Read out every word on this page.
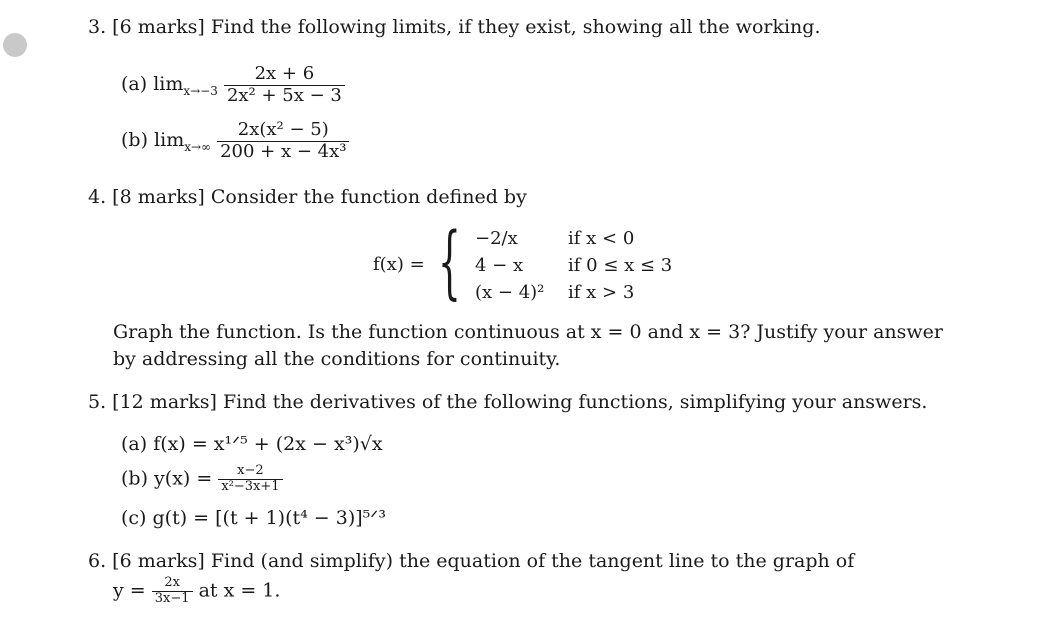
3. [6 marks] Find the following limits, if they exist, showing all the working.
(a) $\lim_{x\to-3} \frac{2x + 6}{\text{2x² + 5x − 3}}$
(b) $\lim_{x\to\infty} \frac{\text{2x(x² − 5)}}{\text{200 + x − 4x³}}$
4. [8 marks] Consider the function defined by
f(x) = { −2/x	if x < 0
4 − x if 0 ≤ x ≤ 3
(x − 4)² if x > 3
Graph the function. Is the function continuous at x = 0 and x = 3? Justify your answer
by addressing all the conditions for continuity.
5. [12 marks] Find the derivatives of the following functions, simplifying your answers.
(a) f(x) = x¹ᐟ⁵ + (2x − x³)√x
(b) $y(x) = \frac{x-2}{\text{x²−3x+1}}$
(c) g(t) = [(t + 1)(t⁴ − 3)]⁵ᐟ³
6. [6 marks] Find (and simplify) the equation of the tangent line to the graph of
$y = \frac{2x}{3x-1}$ at x = 1.
